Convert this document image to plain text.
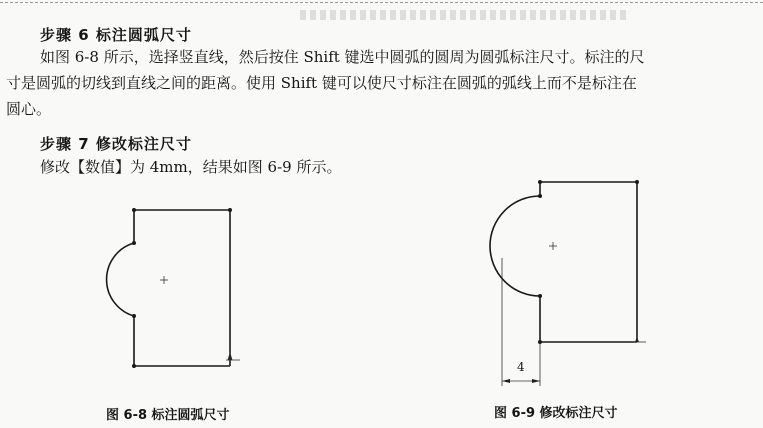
步骤 6 标注圆弧尺寸
如图 6-8 所示，选择竖直线，然后按住 Shift 键选中圆弧的圆周为圆弧标注尺寸。标注的尺
寸是圆弧的切线到直线之间的距离。使用 Shift 键可以使尺寸标注在圆弧的弧线上而不是标注在
圆心。
步骤 7 修改标注尺寸
修改【数值】为 4mm，结果如图 6-9 所示。
4
图 6-8 标注圆弧尺寸	图 6-9 修改标注尺寸
